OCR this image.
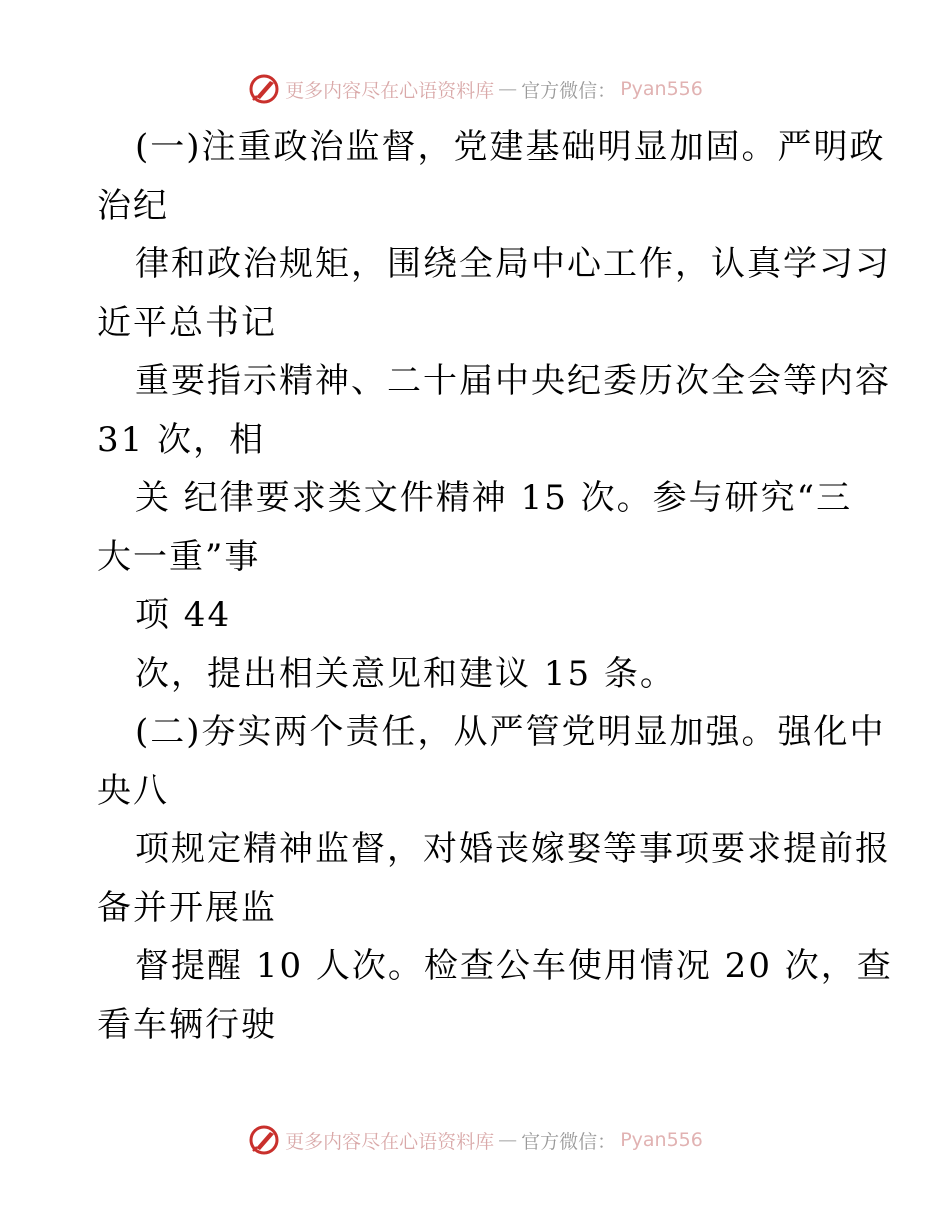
更多内容尽在心语资料库 — 官方微信： Pyan556
(一)注重政治监督，党建基础明显加固。严明政
治纪
律和政治规矩，围绕全局中心工作，认真学习习
近平总书记
重要指示精神、二十届中央纪委历次全会等内容
31 次，相
关 纪律要求类文件精神 15 次。参与研究“三
大一重”事
项 44
次，提出相关意见和建议 15 条。
(二)夯实两个责任，从严管党明显加强。强化中
央八
项规定精神监督，对婚丧嫁娶等事项要求提前报
备并开展监
督提醒 10 人次。检查公车使用情况 20 次，查
看车辆行驶
更多内容尽在心语资料库 — 官方微信： Pyan556
